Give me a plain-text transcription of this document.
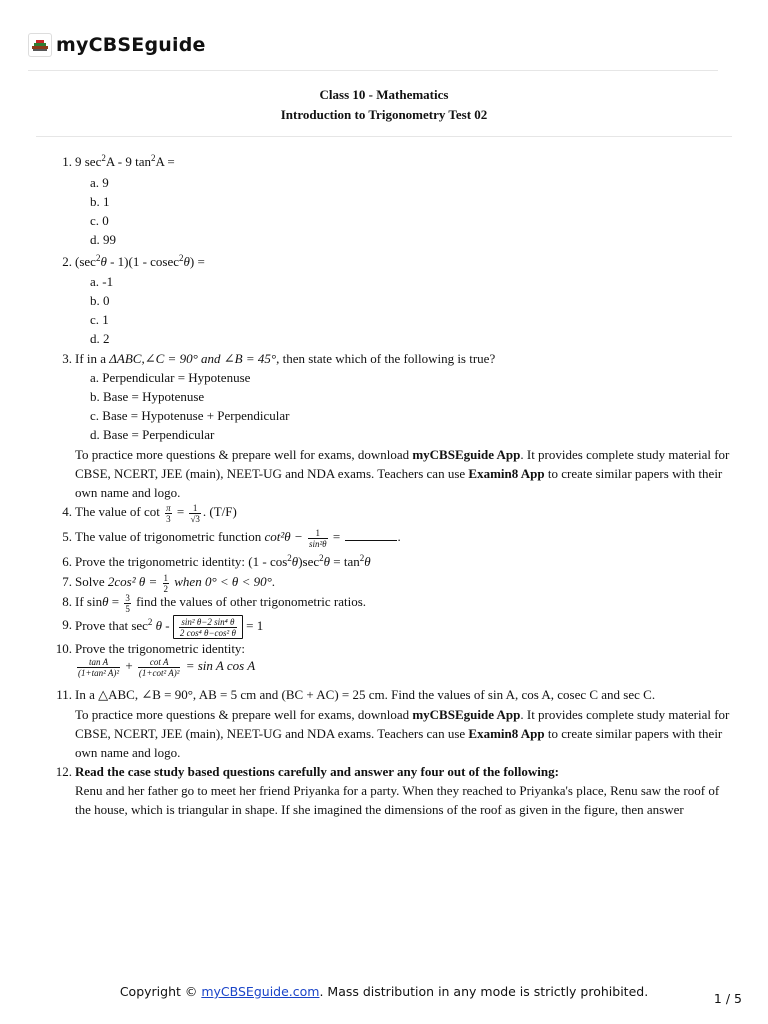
myCBSEguide
Class 10 - Mathematics
Introduction to Trigonometry Test 02
1. 9 $\sec^2A - 9$ $\tan^2A$ =
a. 9
b. 1
c. 0
d. 99
2. $(\sec^2\theta - 1)(1 - cosec^2\theta)$ =
a. -1
b. 0
c. 1
d. 2
3. If in a ΔABC,∠C = 90° and ∠B = 45°, then state which of the following is true?
a. Perpendicular = Hypotenuse
b. Base = Hypotenuse
c. Base = Hypotenuse + Perpendicular
d. Base = Perpendicular
To practice more questions & prepare well for exams, download myCBSEguide App. It provides complete study material for CBSE, NCERT, JEE (main), NEET-UG and NDA exams. Teachers can use Examin8 App to create similar papers with their own name and logo.
4. The value of $\cot \frac{\pi}{3} = \frac{1}{√3}$ . (T/F)
5. The value of trigonometric function $\cot^2\theta - \frac{1}{\text{sin²θ}}$ =	.
6. Prove the trigonometric identity: $(1 - \cos^2\theta)\sec^2\theta = \tan^2\theta$
7. Solve 2cos² $\theta = \frac{1}{2}$ when 0° < θ < 90°.
8. If $\sin\theta = \frac{3}{5}$ find the values of other trigonometric ratios.
9. Prove that $\sec^2 \theta - \frac{\text{sin² θ−2 sin⁴ θ}}{\text{2 cos⁴ θ−cos² θ}} = 1$
10. Prove the trigonometric identity:
$\frac{\text{tan A}}{\text{(1+tan² A)²}} + \frac{\text{cot A}}{\text{(1+cot² A)²}} = \sin A$ cos A
11. In a △ABC, ∠B = 90°, AB = 5 cm and (BC + AC) = 25 cm. Find the values of sin A, cos A, cosec C and sec C.
To practice more questions & prepare well for exams, download myCBSEguide App. It provides complete study material for CBSE, NCERT, JEE (main), NEET-UG and NDA exams. Teachers can use Examin8 App to create similar papers with their own name and logo.
12. Read the case study based questions carefully and answer any four out of the following:
Renu and her father go to meet her friend Priyanka for a party. When they reached to Priyanka's place, Renu saw the roof of the house, which is triangular in shape. If she imagined the dimensions of the roof as given in the figure, then answer
Copyright © myCBSEguide.com. Mass distribution in any mode is strictly prohibited.	1 / 5
